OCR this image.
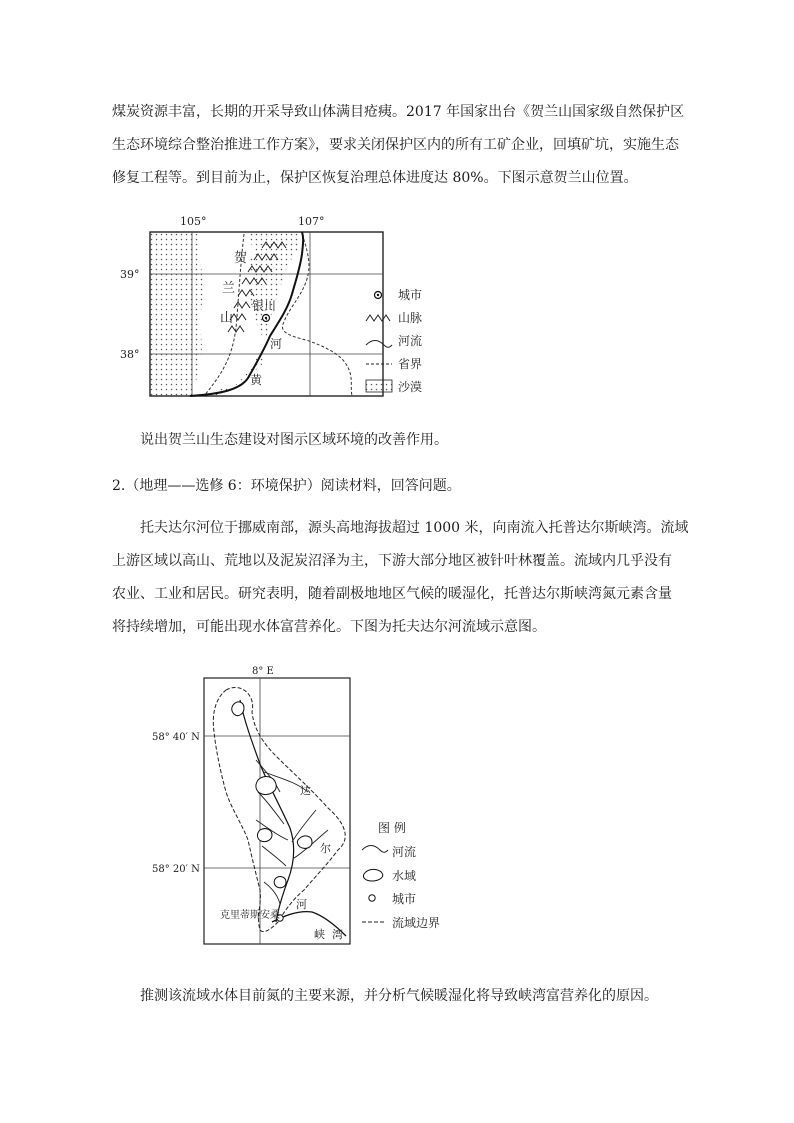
煤炭资源丰富，长期的开采导致山体满目疮痍。2017 年国家出台《贺兰山国家级自然保护区
生态环境综合整治推进工作方案》，要求关闭保护区内的所有工矿企业，回填矿坑，实施生态
修复工程等。到目前为止，保护区恢复治理总体进度达 80%。下图示意贺兰山位置。
105°	107°
39°
38°
贺
兰
山
银川
河
黄
城市
山脉
河流
省界
沙漠
说出贺兰山生态建设对图示区域环境的改善作用。
2.（地理——选修 6：环境保护）阅读材料，回答问题。
托夫达尔河位于挪威南部，源头高地海拔超过 1000 米，向南流入托普达尔斯峡湾。流域
上游区域以高山、荒地以及泥炭沼泽为主，下游大部分地区被针叶林覆盖。流域内几乎没有
农业、工业和居民。研究表明，随着副极地地区气候的暖湿化，托普达尔斯峡湾氮元素含量
将持续增加，可能出现水体富营养化。下图为托夫达尔河流域示意图。
8° E
58° 40′ N
58° 20′ N
达
尔
河
克里蒂斯安桑
峡 湾
图 例
河流
水域
城市
流域边界
推测该流域水体目前氮的主要来源，并分析气候暖湿化将导致峡湾富营养化的原因。
